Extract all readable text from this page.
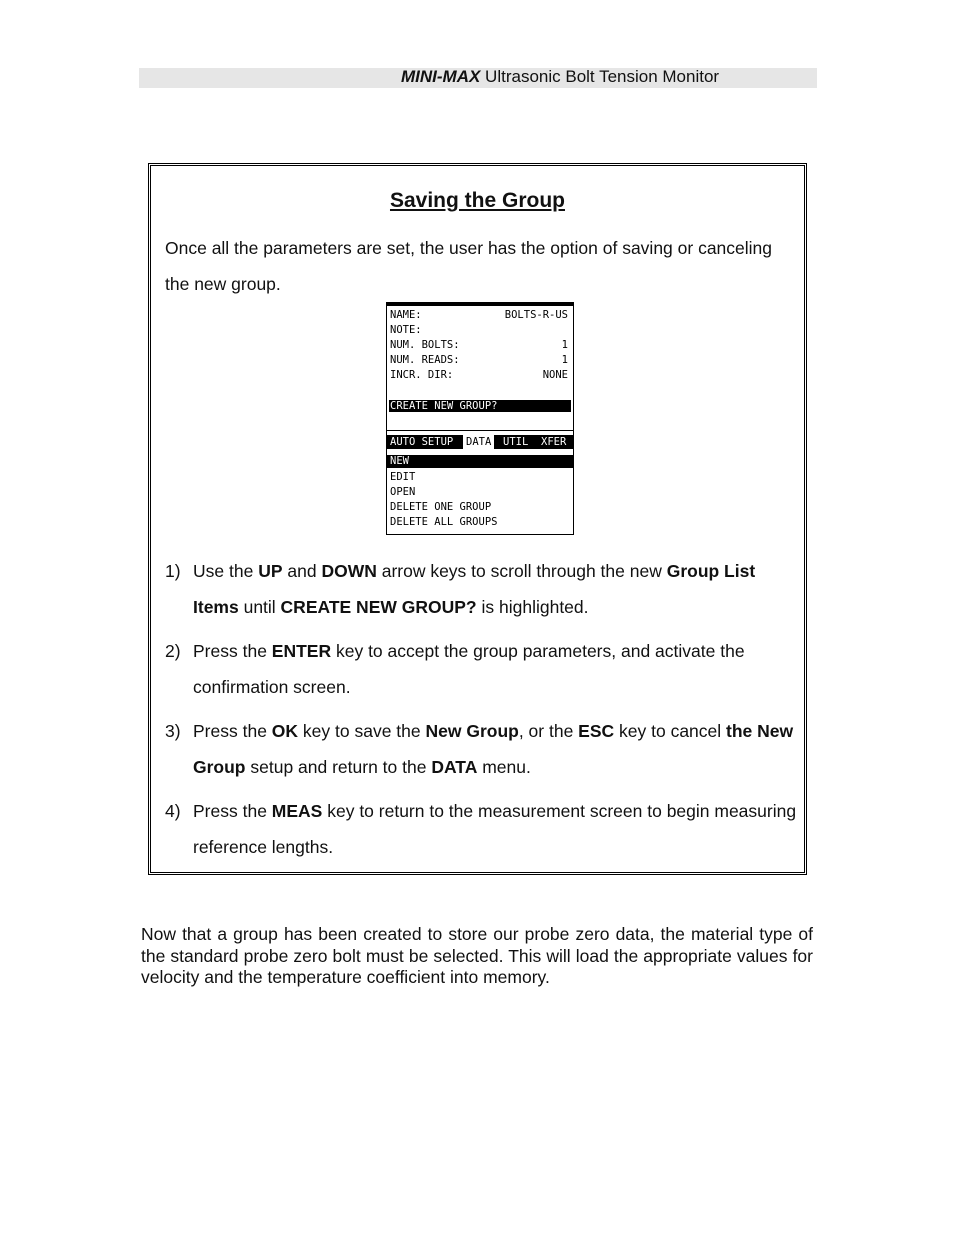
MINI-MAX Ultrasonic Bolt Tension Monitor
Saving the Group
Once all the parameters are set, the user has the option of saving or canceling the new group.
NAME:	BOLTS-R-US
NOTE:
NUM. BOLTS:	1
NUM. READS:	1
INCR. DIR:	NONE
CREATE NEW GROUP?
AUTO SETUP DATA UTIL XFER
NEW
EDIT
OPEN
DELETE ONE GROUP
DELETE ALL GROUPS
1) Use the UP and DOWN arrow keys to scroll through the new Group List Items until CREATE NEW GROUP? is highlighted.
2) Press the ENTER key to accept the group parameters, and activate the confirmation screen.
3) Press the OK key to save the New Group, or the ESC key to cancel the New Group setup and return to the DATA menu.
4) Press the MEAS key to return to the measurement screen to begin measuring reference lengths.
Now that a group has been created to store our probe zero data, the material type of the standard probe zero bolt must be selected. This will load the appropriate values for velocity and the temperature coefficient into memory.
